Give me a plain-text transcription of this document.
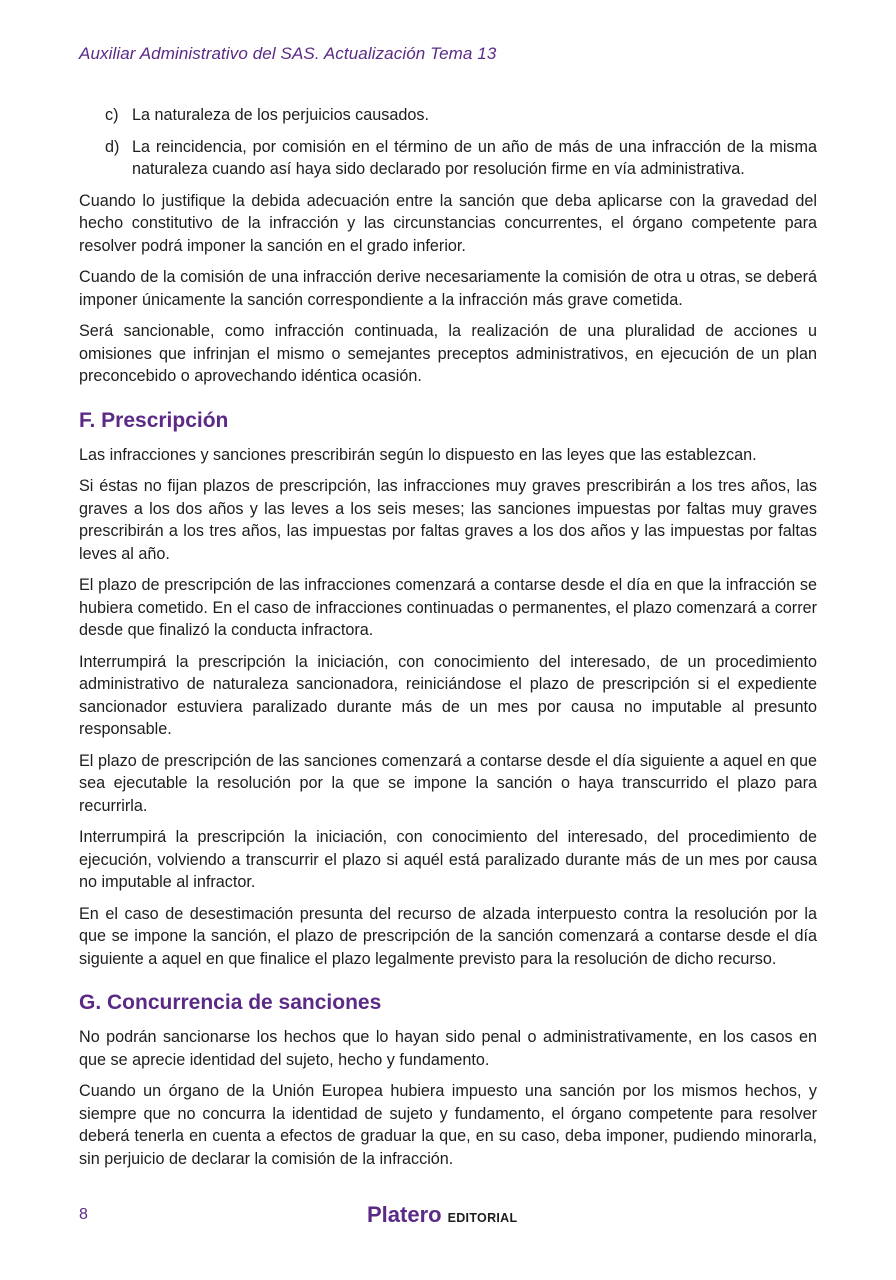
Auxiliar Administrativo del SAS. Actualización Tema 13
c) La naturaleza de los perjuicios causados.
d) La reincidencia, por comisión en el término de un año de más de una infracción de la misma naturaleza cuando así haya sido declarado por resolución firme en vía administrativa.

Cuando lo justifique la debida adecuación entre la sanción que deba aplicarse con la gravedad del hecho constitutivo de la infracción y las circunstancias concurrentes, el órgano competente para resolver podrá imponer la sanción en el grado inferior.

Cuando de la comisión de una infracción derive necesariamente la comisión de otra u otras, se deberá imponer únicamente la sanción correspondiente a la infracción más grave cometida.

Será sancionable, como infracción continuada, la realización de una pluralidad de acciones u omisiones que infrinjan el mismo o semejantes preceptos administrativos, en ejecución de un plan preconcebido o aprovechando idéntica ocasión.

F. Prescripción

Las infracciones y sanciones prescribirán según lo dispuesto en las leyes que las establezcan.

Si éstas no fijan plazos de prescripción, las infracciones muy graves prescribirán a los tres años, las graves a los dos años y las leves a los seis meses; las sanciones impuestas por faltas muy graves prescribirán a los tres años, las impuestas por faltas graves a los dos años y las impuestas por faltas leves al año.

El plazo de prescripción de las infracciones comenzará a contarse desde el día en que la infracción se hubiera cometido. En el caso de infracciones continuadas o permanentes, el plazo comenzará a correr desde que finalizó la conducta infractora.

Interrumpirá la prescripción la iniciación, con conocimiento del interesado, de un procedimiento administrativo de naturaleza sancionadora, reiniciándose el plazo de prescripción si el expediente sancionador estuviera paralizado durante más de un mes por causa no imputable al presunto responsable.

El plazo de prescripción de las sanciones comenzará a contarse desde el día siguiente a aquel en que sea ejecutable la resolución por la que se impone la sanción o haya transcurrido el plazo para recurrirla.

Interrumpirá la prescripción la iniciación, con conocimiento del interesado, del procedimiento de ejecución, volviendo a transcurrir el plazo si aquél está paralizado durante más de un mes por causa no imputable al infractor.

En el caso de desestimación presunta del recurso de alzada interpuesto contra la resolución por la que se impone la sanción, el plazo de prescripción de la sanción comenzará a contarse desde el día siguiente a aquel en que finalice el plazo legalmente previsto para la resolución de dicho recurso.

G. Concurrencia de sanciones

No podrán sancionarse los hechos que lo hayan sido penal o administrativamente, en los casos en que se aprecie identidad del sujeto, hecho y fundamento.

Cuando un órgano de la Unión Europea hubiera impuesto una sanción por los mismos hechos, y siempre que no concurra la identidad de sujeto y fundamento, el órgano competente para resolver deberá tenerla en cuenta a efectos de graduar la que, en su caso, deba imponer, pudiendo minorarla, sin perjuicio de declarar la comisión de la infracción.

8	Platero EDITORIAL
